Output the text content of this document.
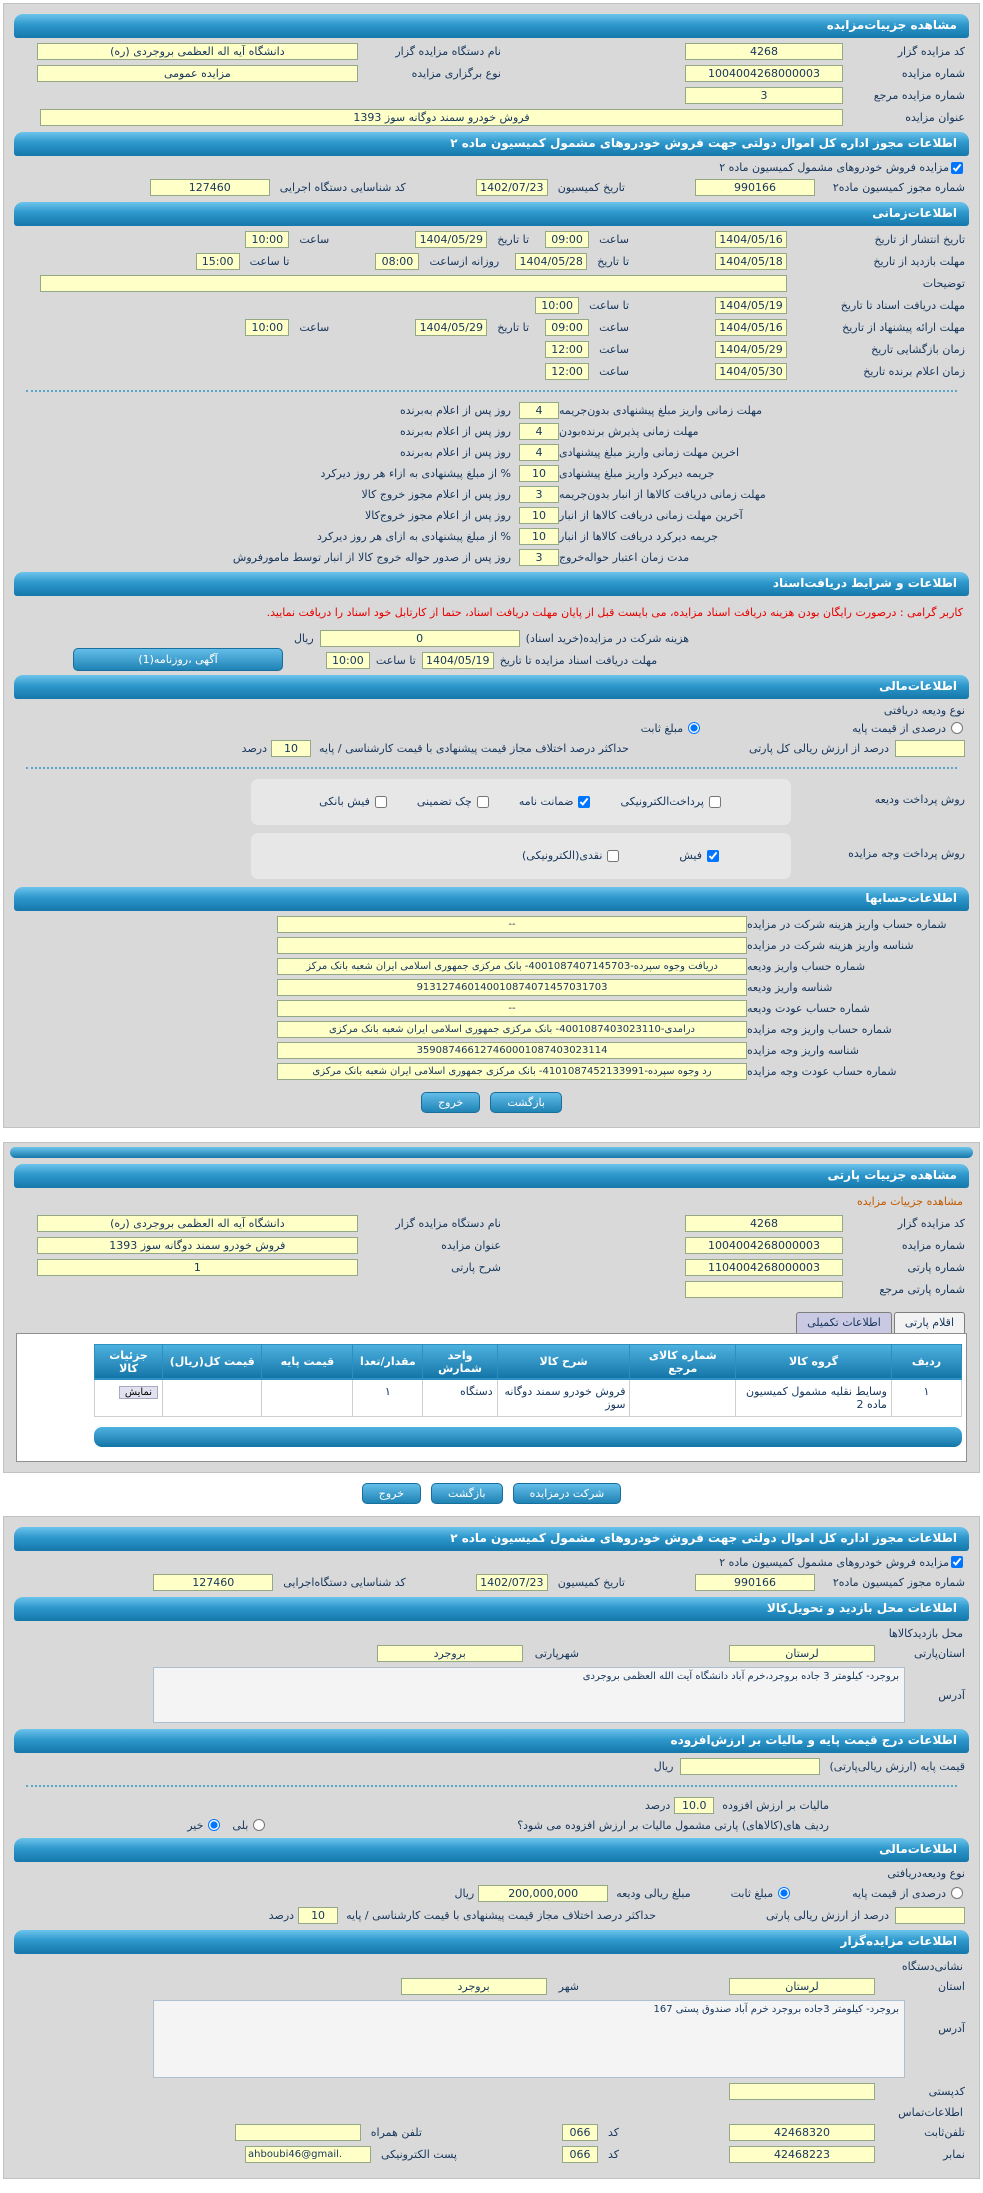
مشاهده جزییات‌مزایده
کد مزایده گزار
4268
نام دستگاه مزایده گزار
دانشگاه آیه اله العظمی بروجردی (ره)
شماره مزایده
1004004268000003
نوع برگزاری مزایده
مزایده عمومی
شماره مزایده مرجع
3
عنوان مزایده
فروش خودرو سمند دوگانه سوز 1393
اطلاعات مجوز اداره کل اموال دولتی جهت فروش خودروهای مشمول کمیسیون ماده ۲
مزایده فروش خودروهای مشمول کمیسیون ماده ۲
شماره مجوز کمیسیون ماده۲
990166
تاریخ کمیسیون
1402/07/23
کد شناسایی دستگاه اجرایی
127460
اطلاعات‌زمانی
تاریخ انتشار از تاریخ
1404/05/16
ساعت
09:00
تا تاریخ
1404/05/29
ساعت
10:00
مهلت بازدید از تاریخ
1404/05/18
تا تاریخ
1404/05/28
روزانه ازساعت
08:00
تا ساعت
15:00
توضیحات
مهلت دریافت اسناد تا تاریخ
1404/05/19
تا ساعت
10:00
مهلت ارائه پیشنهاد از تاریخ
1404/05/16
ساعت
09:00
تا تاریخ
1404/05/29
ساعت
10:00
زمان بازگشایی تاریخ
1404/05/29
ساعت
12:00
زمان اعلام برنده تاریخ
1404/05/30
ساعت
12:00
مهلت زمانی واریز مبلغ پیشنهادی بدون‌جریمه
4
روز پس از اعلام به‌برنده
مهلت زمانی پذیرش برنده‌بودن
4
روز پس از اعلام به‌برنده
اخرین مهلت زمانی واریز مبلغ پیشنهادی
4
روز پس از اعلام به‌برنده
جریمه دیرکرد واریز مبلغ پیشنهادی
10
% از مبلغ پیشنهادی به ازاء هر روز دیرکرد
مهلت زمانی دریافت کالاها از انبار بدون‌جریمه
3
روز پس از اعلام مجوز خروج کالا
آخرین مهلت زمانی دریافت کالاها از انبار
10
روز پس از اعلام مجوز خروج‌کالا
جریمه دیرکرد دریافت کالاها از انبار
10
% از مبلغ پیشنهادی به ازای هر روز دیرکرد
مدت زمان اعتبار حواله‌خروج
3
روز پس از صدور حواله خروج کالا از انبار توسط مامورفروش
اطلاعات و شرایط دریافت‌اسناد
کاربر گرامی : درصورت رایگان بودن هزینه دریافت اسناد مزایده، می بایست قبل از پایان مهلت دریافت اسناد، حتما از کارتابل خود اسناد را دریافت نمایید.
هزینه شرکت در مزایده(خرید اسناد)
0
ریال
مهلت دریافت اسناد مزایده تا تاریخ
1404/05/19
تا ساعت
10:00
آگهی ،روزنامه(1)
اطلاعات‌مالی
نوع ودیعه دریافتی
درصدی از قیمت پایه
مبلغ ثابت
درصد از ارزش ریالی کل پارتی
حداکثر درصد اختلاف مجاز قیمت پیشنهادی با قیمت کارشناسی / پایه
10
درصد
روش پرداخت ودیعه
پرداخت‌الکترونیکی
ضمانت نامه
چک تضمینی
فیش بانکی
روش پرداخت وجه مزایده
فیش
نقدی(الکترونیکی)
اطلاعات‌حسابها
شماره حساب واریز هزینه شرکت در مزایده
--
شناسه واریز هزینه شرکت در مزایده
شماره حساب واریز ودیعه
دریافت وجوه سپرده-4001087407145703- بانک مرکزی جمهوری اسلامی ایران شعبه بانک مرکز
شناسه واریز ودیعه
913127460140010874071457031703
شماره حساب عودت ودیعه
--
شماره حساب واریز وجه مزایده
درآمدی-4001087403023110- بانک مرکزی جمهوری اسلامی ایران شعبه بانک مرکزی
شناسه واریز وجه مزایده
359087466127460001087403023114
شماره حساب عودت وجه مزایده
رد وجوه سپرده-4101087452133991- بانک مرکزی جمهوری اسلامی ایران شعبه بانک مرکزی
بازگشت
خروج
مشاهده جزییات پارتی
مشاهده جزییات مزایده
کد مزایده گزار
4268
نام دستگاه مزایده گزار
دانشگاه آیه اله العظمی بروجردی (ره)
شماره مزایده
1004004268000003
عنوان مزایده
فروش خودرو سمند دوگانه سوز 1393
شماره پارتی
1104004268000003
شرح پارتی
1
شماره پارتی مرجع
اقلام پارتی
اطلاعات تکمیلی
ردیف	گروه کالا	شماره کالای مرجع	شرح کالا	واحد شمارش	مقدار/تعدا	قیمت پایه	قیمت کل(ریال)	جزئیات کالا
۱	وسایط نقلیه مشمول کمیسیون ماده 2		فروش خودرو سمند دوگانه سوز	دستگاه	۱			نمایش
شرکت درمزایده
بازگشت
خروج
اطلاعات مجوز اداره کل اموال دولتی جهت فروش خودروهای مشمول کمیسیون ماده ۲
مزایده فروش خودروهای مشمول کمیسیون ماده ۲
شماره مجوز کمیسیون ماده۲
990166
تاریخ کمیسیون
1402/07/23
کد شناسایی دستگاه‌اجرایی
127460
اطلاعات محل بازدید و تحویل‌کالا
محل بازدیدکالاها
استان‌پارتی
لرستان
شهرپارتی
بروجرد
آدرس
بروجرد- کیلومتر 3 جاده بروجرد،خرم آباد دانشگاه آیت الله العظمی بروجردی
اطلاعات درج قیمت پایه و مالیات بر ارزش‌افزوده
قیمت پایه (ارزش ریالی‌پارتی)
ریال
مالیات بر ارزش افزوده
10.0
درصد
ردیف های(کالاهای) پارتی مشمول مالیات بر ارزش افزوده می شود؟
بلی
خیر
اطلاعات‌مالی
نوع ودیعه‌دریافتی
درصدی از قیمت پایه
مبلغ ثابت
مبلغ ریالی ودیعه
200,000,000
ریال
درصد از ارزش ریالی پارتی
حداکثر درصد اختلاف مجاز قیمت پیشنهادی با قیمت کارشناسی / پایه
10
درصد
اطلاعات مزایده‌گزار
نشانی‌دستگاه
استان
لرستان
شهر
بروجرد
آدرس
بروجرد- کیلومتر 3جاده بروجرد خرم آباد صندوق پستی 167
کدپستی
اطلاعات‌تماس
تلفن‌ثابت
42468320
کد
066
تلفن همراه
نمابر
42468223
کد
066
پست الکترونیکی
ahboubi46@gmail.
